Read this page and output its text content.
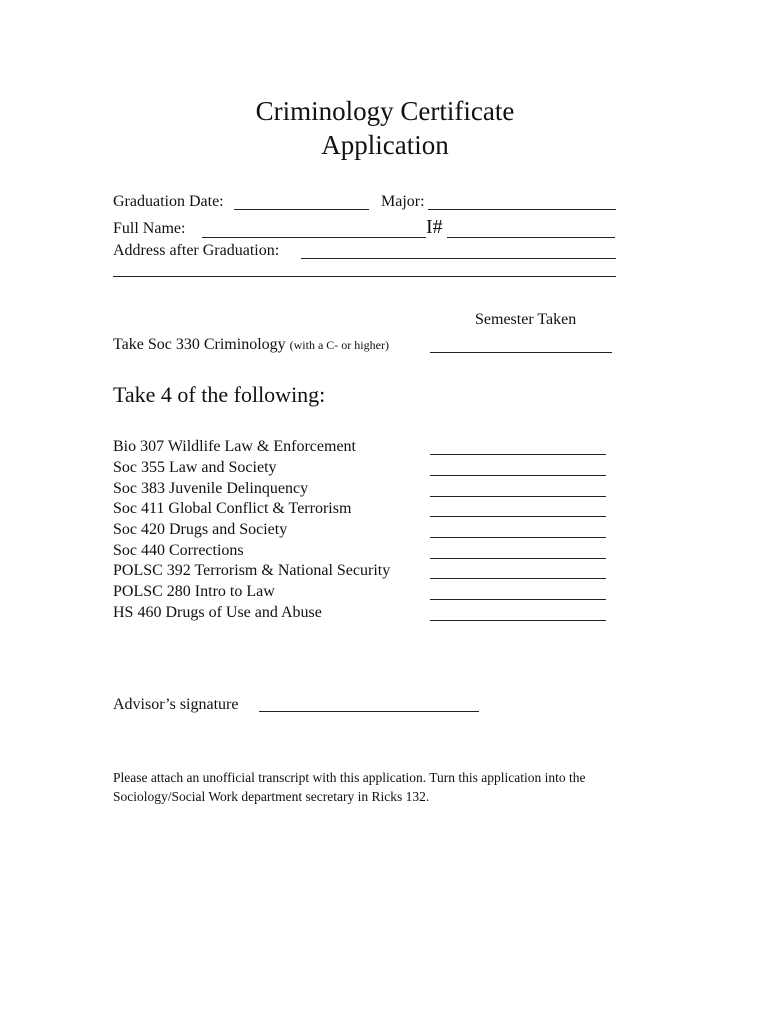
Criminology Certificate
Application
Graduation Date:	Major:
Full Name:	I#
Address after Graduation:
Semester Taken
Take Soc 330 Criminology (with a C- or higher)
Take 4 of the following:
Bio 307 Wildlife Law & Enforcement
Soc 355 Law and Society
Soc 383 Juvenile Delinquency
Soc 411 Global Conflict & Terrorism
Soc 420 Drugs and Society
Soc 440 Corrections
POLSC 392 Terrorism & National Security
POLSC 280 Intro to Law
HS 460 Drugs of Use and Abuse
Advisor’s signature
Please attach an unofficial transcript with this application. Turn this application into the Sociology/Social Work department secretary in Ricks 132.
